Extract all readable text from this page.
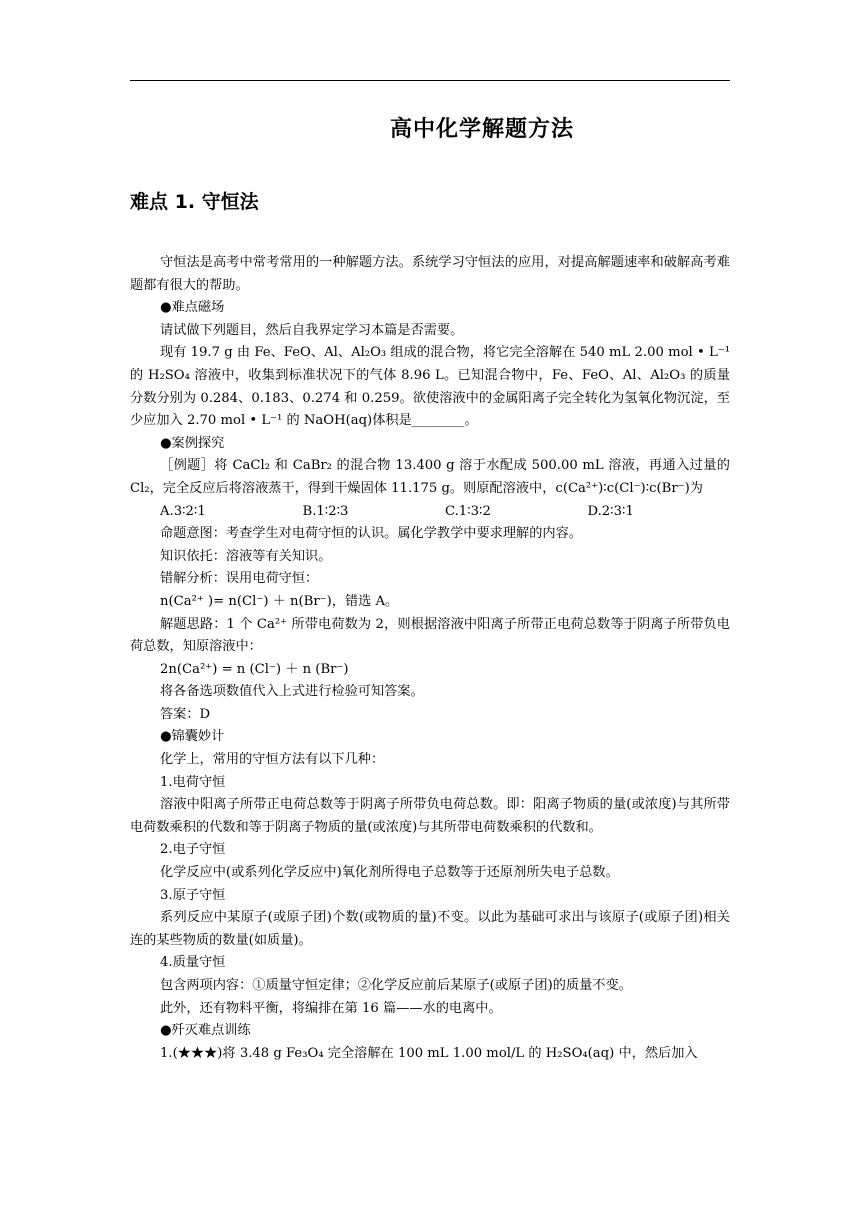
高中化学解题方法
难点 1. 守恒法

守恒法是高考中常考常用的一种解题方法。系统学习守恒法的应用，对提高解题速率和破解高考难题都有很大的帮助。

●难点磁场

请试做下列题目，然后自我界定学习本篇是否需要。

现有 19.7 g 由 Fe、FeO、Al、Al₂O₃ 组成的混合物，将它完全溶解在 540 mL 2.00 mol • L⁻¹ 的 H₂SO₄ 溶液中，收集到标准状况下的气体 8.96 L。已知混合物中，Fe、FeO、Al、Al₂O₃ 的质量分数分别为 0.284、0.183、0.274 和 0.259。欲使溶液中的金属阳离子完全转化为氢氧化物沉淀，至少应加入 2.70 mol • L⁻¹ 的 NaOH(aq)体积是________。

●案例探究

［例题］将 CaCl₂ 和 CaBr₂ 的混合物 13.400 g 溶于水配成 500.00 mL 溶液，再通入过量的 Cl₂，完全反应后将溶液蒸干，得到干燥固体 11.175 g。则原配溶液中，c(Ca²⁺)∶c(Cl⁻)∶c(Br⁻)为

A.3∶2∶1	B.1∶2∶3	C.1∶3∶2	D.2∶3∶1

命题意图：考查学生对电荷守恒的认识。属化学教学中要求理解的内容。

知识依托：溶液等有关知识。

错解分析：误用电荷守恒：

n(Ca²⁺ )= n(Cl⁻) ＋ n(Br⁻)，错选 A。

解题思路：1 个 Ca²⁺ 所带电荷数为 2，则根据溶液中阳离子所带正电荷总数等于阴离子所带负电荷总数，知原溶液中：

2n(Ca²⁺) = n (Cl⁻) ＋ n (Br⁻)

将各备选项数值代入上式进行检验可知答案。

答案：D

●锦囊妙计

化学上，常用的守恒方法有以下几种：

1.电荷守恒

溶液中阳离子所带正电荷总数等于阴离子所带负电荷总数。即：阳离子物质的量(或浓度)与其所带电荷数乘积的代数和等于阴离子物质的量(或浓度)与其所带电荷数乘积的代数和。

2.电子守恒

化学反应中(或系列化学反应中)氧化剂所得电子总数等于还原剂所失电子总数。

3.原子守恒

系列反应中某原子(或原子团)个数(或物质的量)不变。以此为基础可求出与该原子(或原子团)相关连的某些物质的数量(如质量)。

4.质量守恒

包含两项内容：①质量守恒定律；②化学反应前后某原子(或原子团)的质量不变。

此外，还有物料平衡，将编排在第 16 篇——水的电离中。

●歼灭难点训练

1.(★★★)将 3.48 g Fe₃O₄ 完全溶解在 100 mL 1.00 mol/L 的 H₂SO₄(aq) 中，然后加入
